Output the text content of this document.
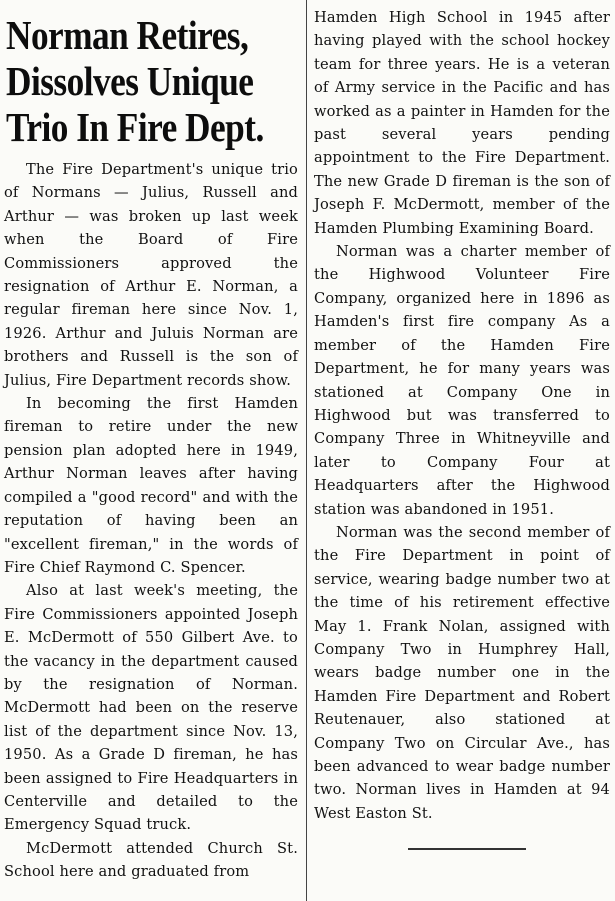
Norman Retires,
Dissolves Unique
Trio In Fire Dept.

The Fire Department's unique trio of Normans — Julius, Russell and Arthur — was broken up last week when the Board of Fire Commissioners approved the resignation of Arthur E. Norman, a regular fireman here since Nov. 1, 1926. Arthur and Juluis Norman are brothers and Russell is the son of Julius, Fire Department records show.

In becoming the first Hamden fireman to retire under the new pension plan adopted here in 1949, Arthur Norman leaves after having compiled a "good record" and with the reputation of having been an "excellent fireman," in the words of Fire Chief Raymond C. Spencer.

Also at last week's meeting, the Fire Commissioners appointed Joseph E. McDermott of 550 Gilbert Ave. to the vacancy in the department caused by the resignation of Norman. McDermott had been on the reserve list of the department since Nov. 13, 1950. As a Grade D fireman, he has been assigned to Fire Headquarters in Centerville and detailed to the Emergency Squad truck.

McDermott attended Church St. School here and graduated from

Hamden High School in 1945 after having played with the school hockey team for three years. He is a veteran of Army service in the Pacific and has worked as a painter in Hamden for the past several years pending appointment to the Fire Department. The new Grade D fireman is the son of Joseph F. McDermott, member of the Hamden Plumbing Examining Board.

Norman was a charter member of the Highwood Volunteer Fire Company, organized here in 1896 as Hamden's first fire company As a member of the Hamden Fire Department, he for many years was stationed at Company One in Highwood but was transferred to Company Three in Whitneyville and later to Company Four at Headquarters after the Highwood station was abandoned in 1951.

Norman was the second member of the Fire Department in point of service, wearing badge number two at the time of his retirement effective May 1. Frank Nolan, assigned with Company Two in Humphrey Hall, wears badge number one in the Hamden Fire Department and Robert Reutenauer, also stationed at Company Two on Circular Ave., has been advanced to wear badge number two. Norman lives in Hamden at 94 West Easton St.
